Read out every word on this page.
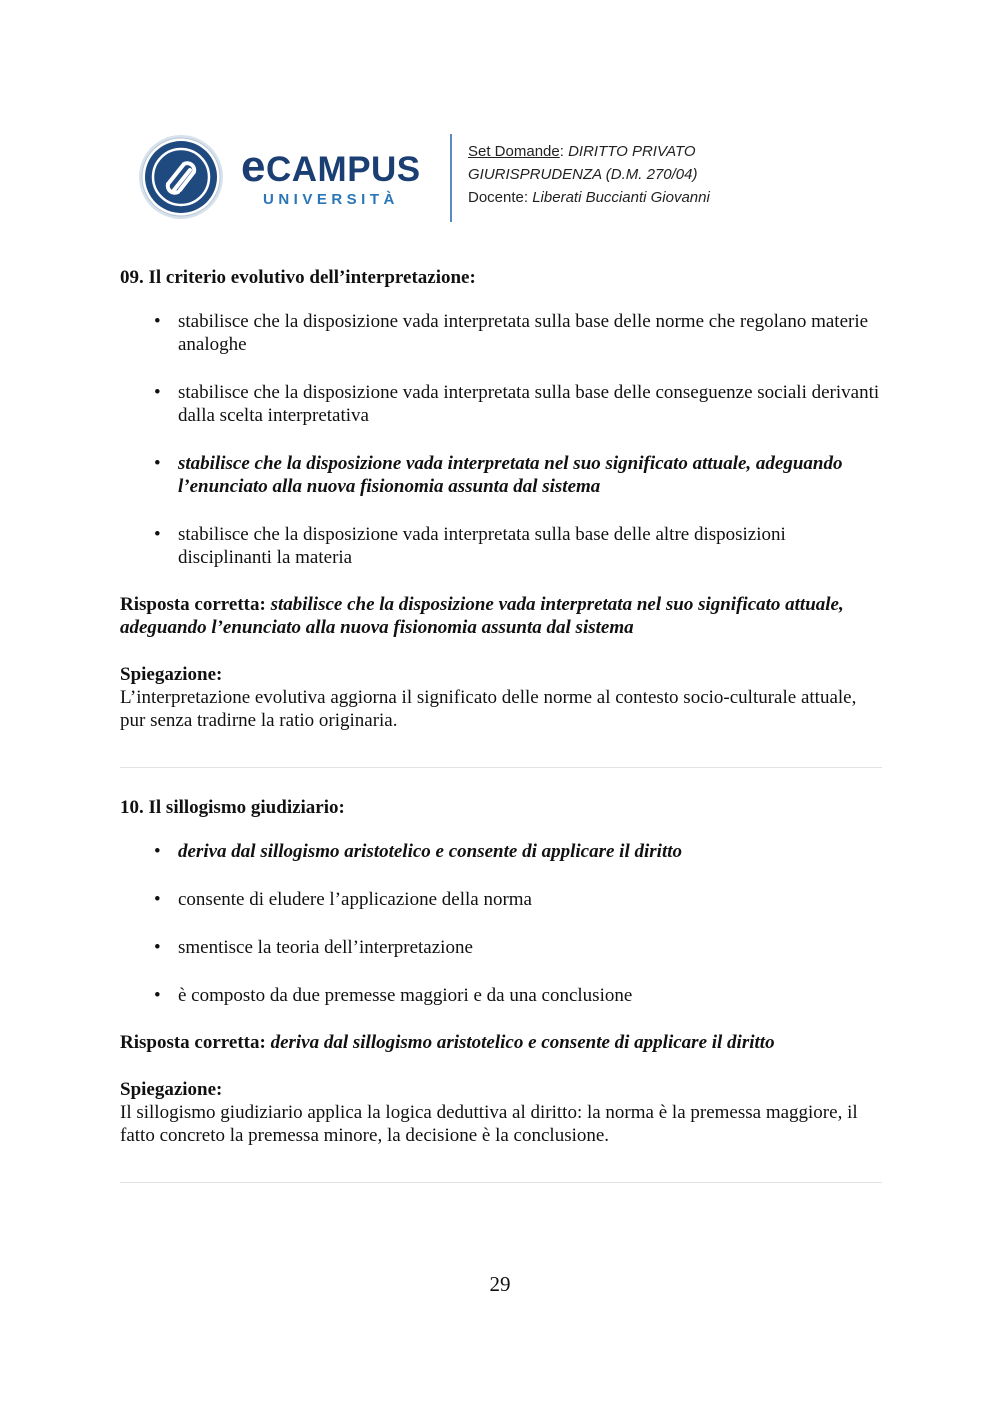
eCAMPUS
UNIVERSITÀ
Set Domande: DIRITTO PRIVATO
GIURISPRUDENZA (D.M. 270/04)
Docente: Liberati Buccianti Giovanni

09. Il criterio evolutivo dell’interpretazione:

• stabilisce che la disposizione vada interpretata sulla base delle norme che regolano materie analoghe
• stabilisce che la disposizione vada interpretata sulla base delle conseguenze sociali derivanti dalla scelta interpretativa
• stabilisce che la disposizione vada interpretata nel suo significato attuale, adeguando l’enunciato alla nuova fisionomia assunta dal sistema
• stabilisce che la disposizione vada interpretata sulla base delle altre disposizioni disciplinanti la materia
Risposta corretta: stabilisce che la disposizione vada interpretata nel suo significato attuale, adeguando l’enunciato alla nuova fisionomia assunta dal sistema
Spiegazione:
L’interpretazione evolutiva aggiorna il significato delle norme al contesto socio-culturale attuale, pur senza tradirne la ratio originaria.

10. Il sillogismo giudiziario:

• deriva dal sillogismo aristotelico e consente di applicare il diritto
• consente di eludere l’applicazione della norma
• smentisce la teoria dell’interpretazione
• è composto da due premesse maggiori e da una conclusione
Risposta corretta: deriva dal sillogismo aristotelico e consente di applicare il diritto
Spiegazione:
Il sillogismo giudiziario applica la logica deduttiva al diritto: la norma è la premessa maggiore, il fatto concreto la premessa minore, la decisione è la conclusione.
29
